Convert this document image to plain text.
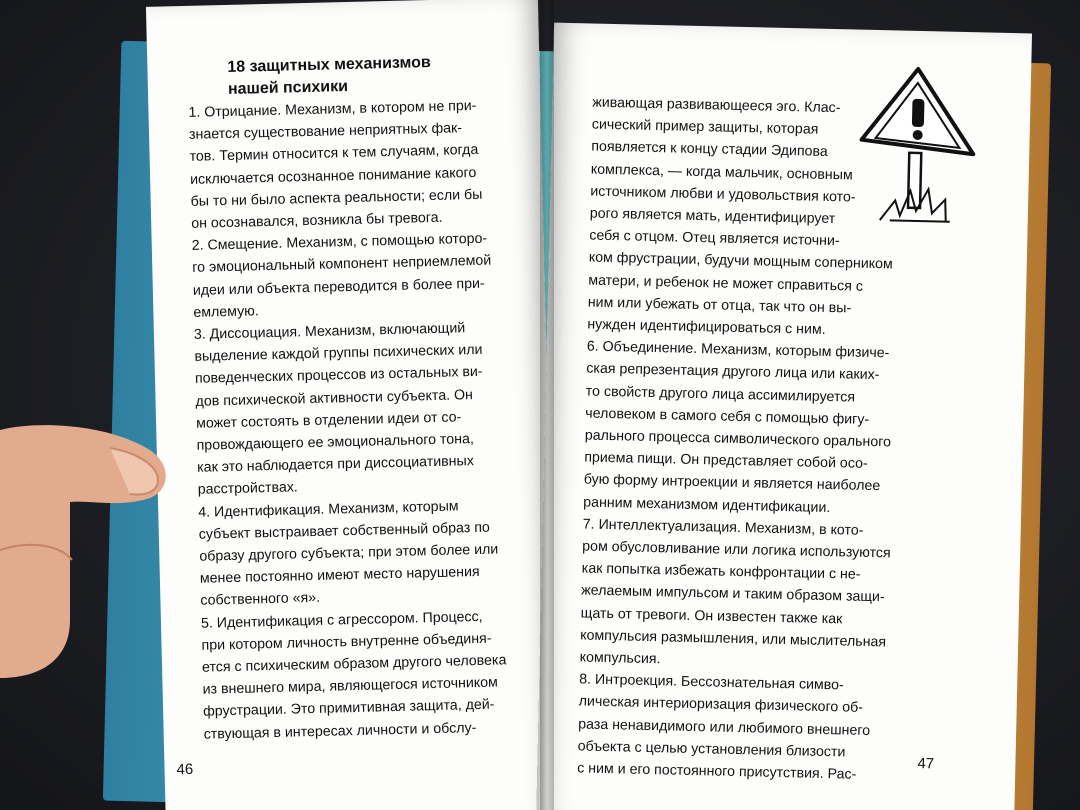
18 защитных механизмов
нашей психики
1. Отрицание. Механизм, в котором не при-
знается существование неприятных фак-
тов. Термин относится к тем случаям, когда
исключается осознанное понимание какого
бы то ни было аспекта реальности; если бы
он осознавался, возникла бы тревога.
2. Смещение. Механизм, с помощью которо-
го эмоциональный компонент неприемлемой
идеи или объекта переводится в более при-
емлемую.
3. Диссоциация. Механизм, включающий
выделение каждой группы психических или
поведенческих процессов из остальных ви-
дов психической активности субъекта. Он
может состоять в отделении идеи от со-
провождающего ее эмоционального тона,
как это наблюдается при диссоциативных
расстройствах.
4. Идентификация. Механизм, которым
субъект выстраивает собственный образ по
образу другого субъекта; при этом более или
менее постоянно имеют место нарушения
собственного «я».
5. Идентификация с агрессором. Процесс,
при котором личность внутренне объединя-
ется с психическим образом другого человека
из внешнего мира, являющегося источником
фрустрации. Это примитивная защита, дей-
ствующая в интересах личности и обслу-
46
живающая развивающееся эго. Клас-
сический пример защиты, которая
появляется к концу стадии Эдипова
комплекса, — когда мальчик, основным
источником любви и удовольствия кото-
рого является мать, идентифицирует
себя с отцом. Отец является источни-
ком фрустрации, будучи мощным соперником
матери, и ребенок не может справиться с
ним или убежать от отца, так что он вы-
нужден идентифицироваться с ним.
6. Объединение. Механизм, которым физиче-
ская репрезентация другого лица или каких-
то свойств другого лица ассимилируется
человеком в самого себя с помощью фигу-
рального процесса символического орального
приема пищи. Он представляет собой осо-
бую форму интроекции и является наиболее
ранним механизмом идентификации.
7. Интеллектуализация. Механизм, в кото-
ром обусловливание или логика используются
как попытка избежать конфронтации с не-
желаемым импульсом и таким образом защи-
щать от тревоги. Он известен также как
компульсия размышления, или мыслительная
компульсия.
8. Интроекция. Бессознательная симво-
лическая интериоризация физического об-
раза ненавидимого или любимого внешнего
объекта с целью установления близости
с ним и его постоянного присутствия. Рас-	47
